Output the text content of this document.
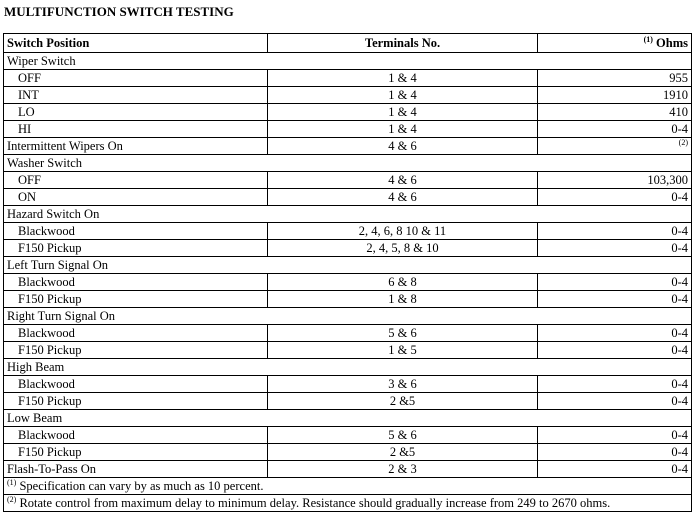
MULTIFUNCTION SWITCH TESTING
Switch Position	Terminals No.	$^{(1)}$ Ohms
Wiper Switch		
OFF	1 & 4	955
INT	1 & 4	1910
LO	1 & 4	410
HI	1 & 4	0-4
Intermittent Wipers On	4 & 6	$^{(2)}$
Washer Switch		
OFF	4 & 6	103,300
ON	4 & 6	0-4
Hazard Switch On		
Blackwood	2, 4, 6, 8 10 & 11	0-4
F150 Pickup	2, 4, 5, 8 & 10	0-4
Left Turn Signal On		
Blackwood	6 & 8	0-4
F150 Pickup	1 & 8	0-4
Right Turn Signal On		
Blackwood	5 & 6	0-4
F150 Pickup	1 & 5	0-4
High Beam		
Blackwood	3 & 6	0-4
F150 Pickup	2 &5	0-4
Low Beam		
Blackwood	5 & 6	0-4
F150 Pickup	2 &5	0-4
Flash-To-Pass On	2 & 3	0-4
$^{(1)}$ Specification can vary by as much as 10 percent.		
$^{(2)}$ Rotate control from maximum delay to minimum delay. Resistance should gradually increase from 249 to 2670 ohms.		
